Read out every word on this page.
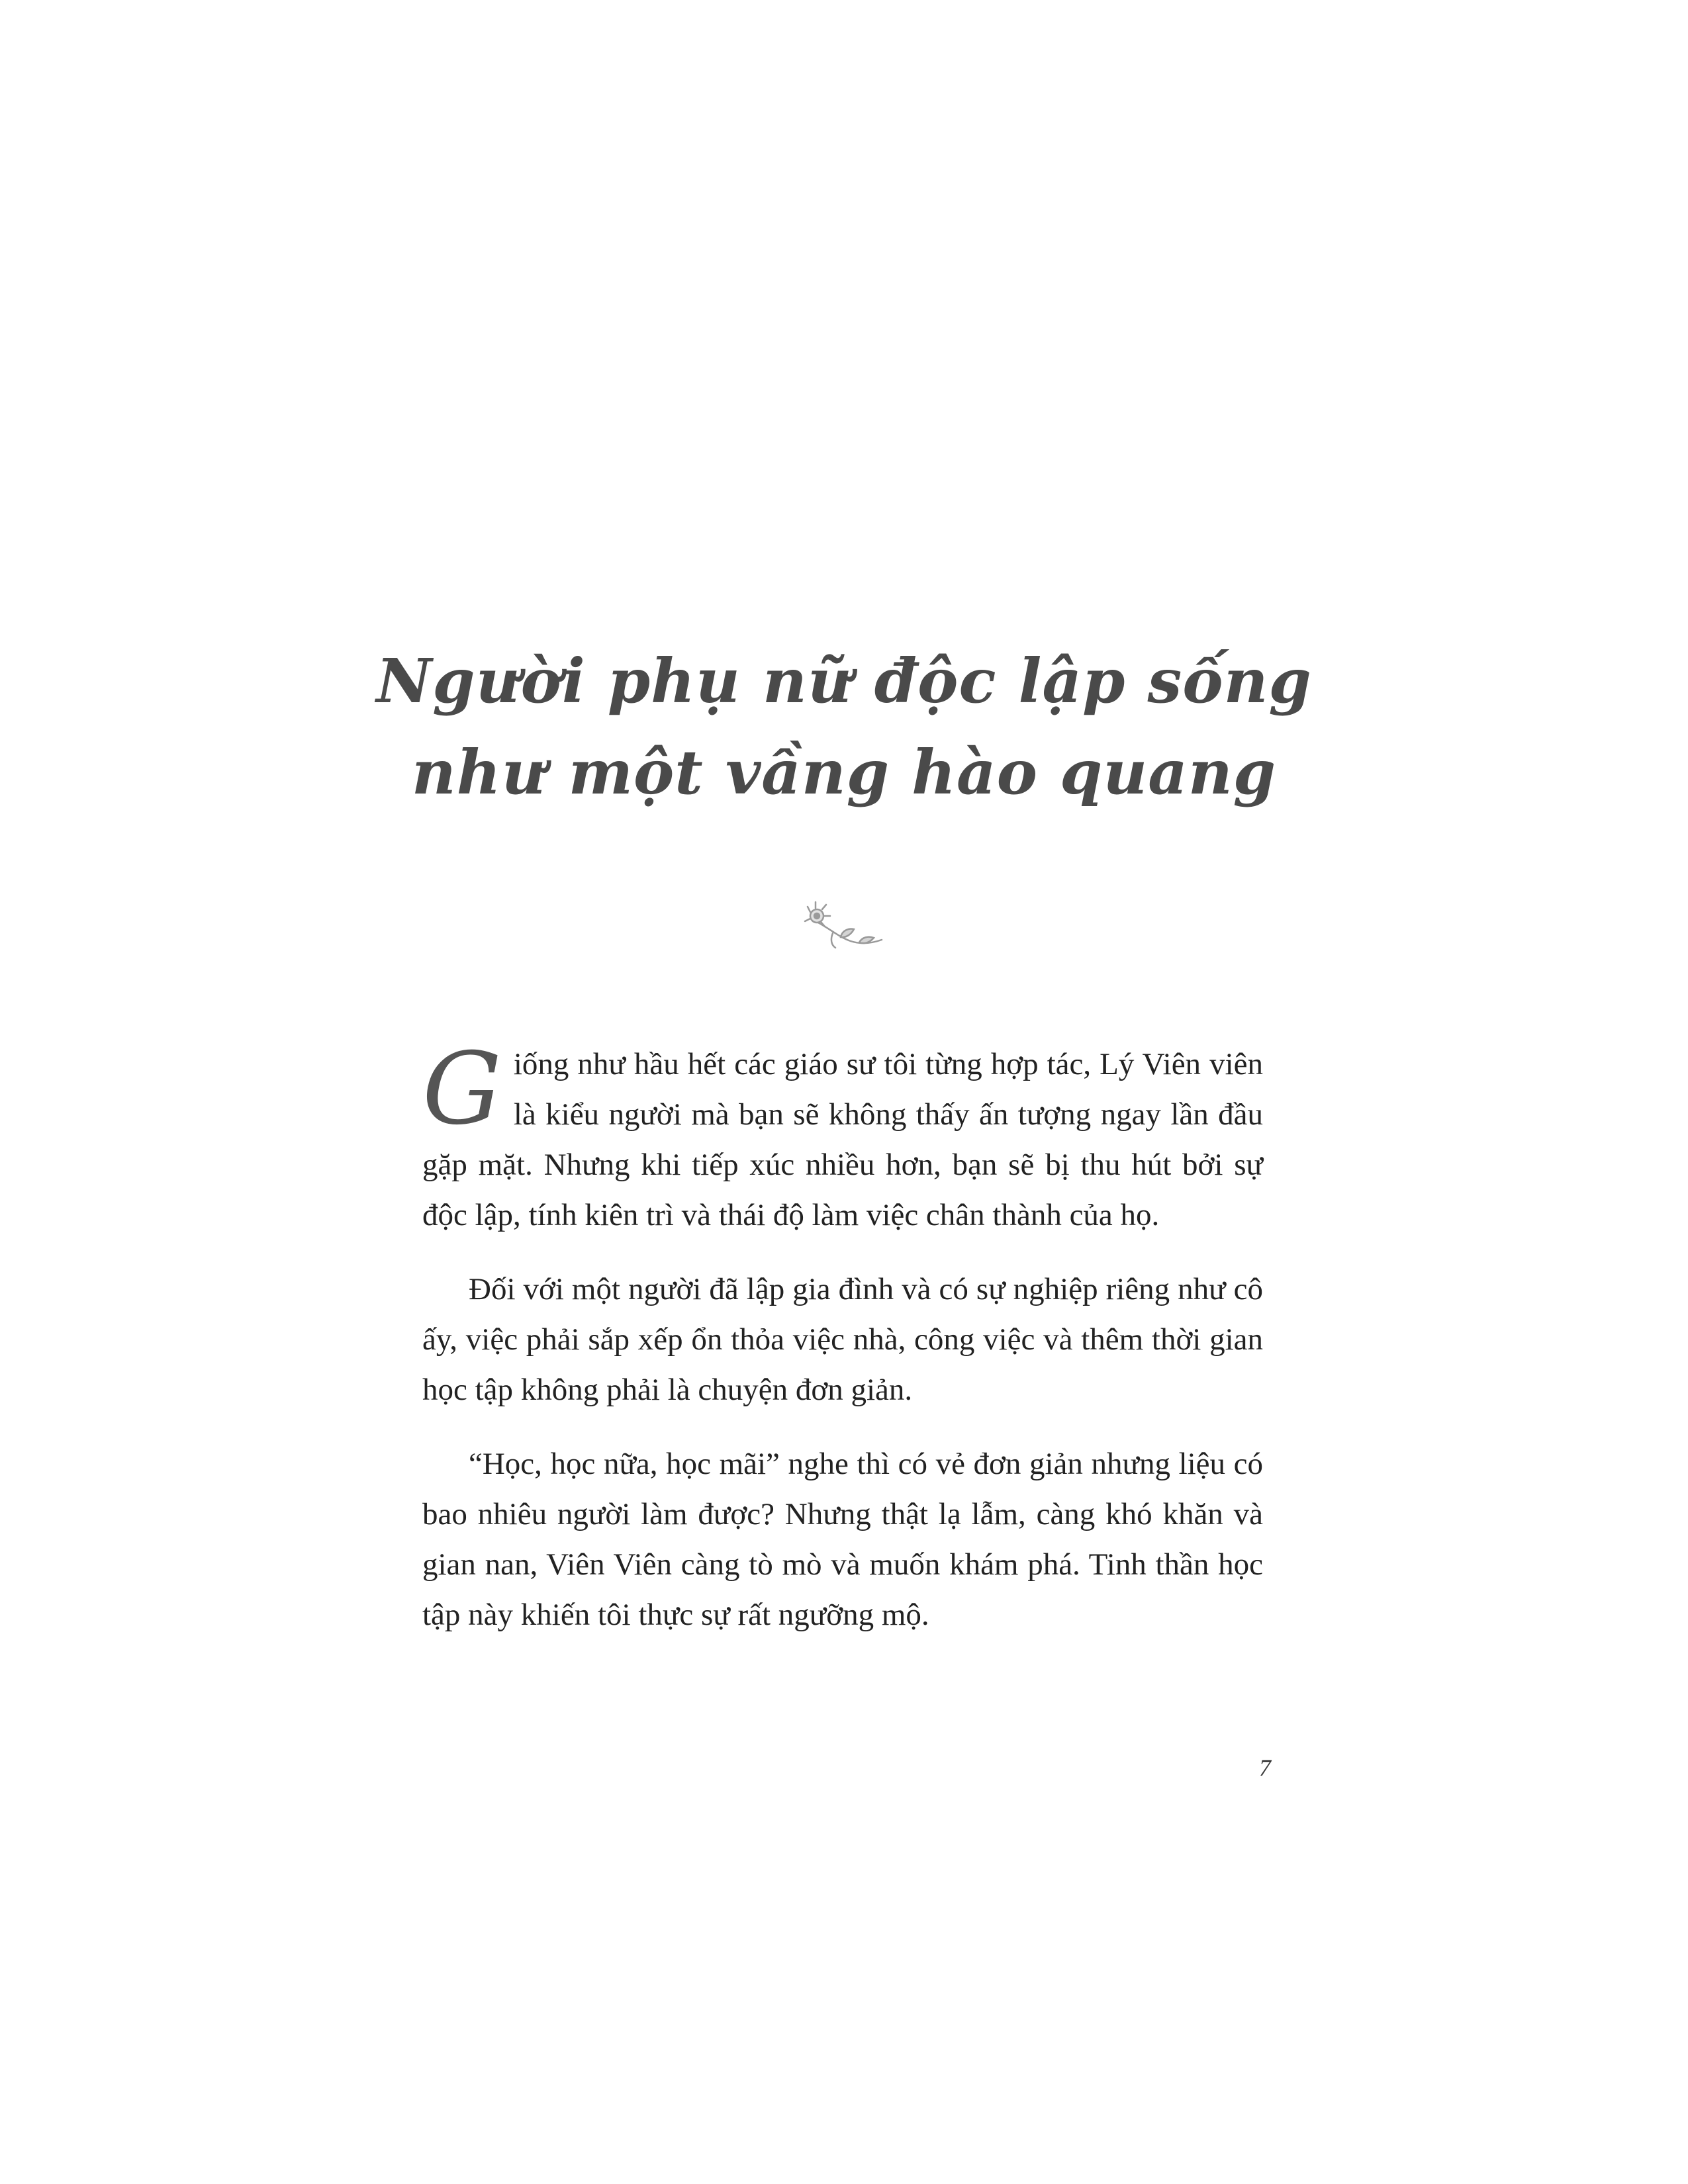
Người phụ nữ độc lập sống
như một vầng hào quang

Giống như hầu hết các giáo sư tôi từng hợp tác, Lý Viên viên là kiểu người mà bạn sẽ không thấy ấn tượng ngay lần đầu gặp mặt. Nhưng khi tiếp xúc nhiều hơn, bạn sẽ bị thu hút bởi sự độc lập, tính kiên trì và thái độ làm việc chân thành của họ.

Đối với một người đã lập gia đình và có sự nghiệp riêng như cô ấy, việc phải sắp xếp ổn thỏa việc nhà, công việc và thêm thời gian học tập không phải là chuyện đơn giản.

“Học, học nữa, học mãi” nghe thì có vẻ đơn giản nhưng liệu có bao nhiêu người làm được? Nhưng thật lạ lẫm, càng khó khăn và gian nan, Viên Viên càng tò mò và muốn khám phá. Tinh thần học tập này khiến tôi thực sự rất ngưỡng mộ.

7
